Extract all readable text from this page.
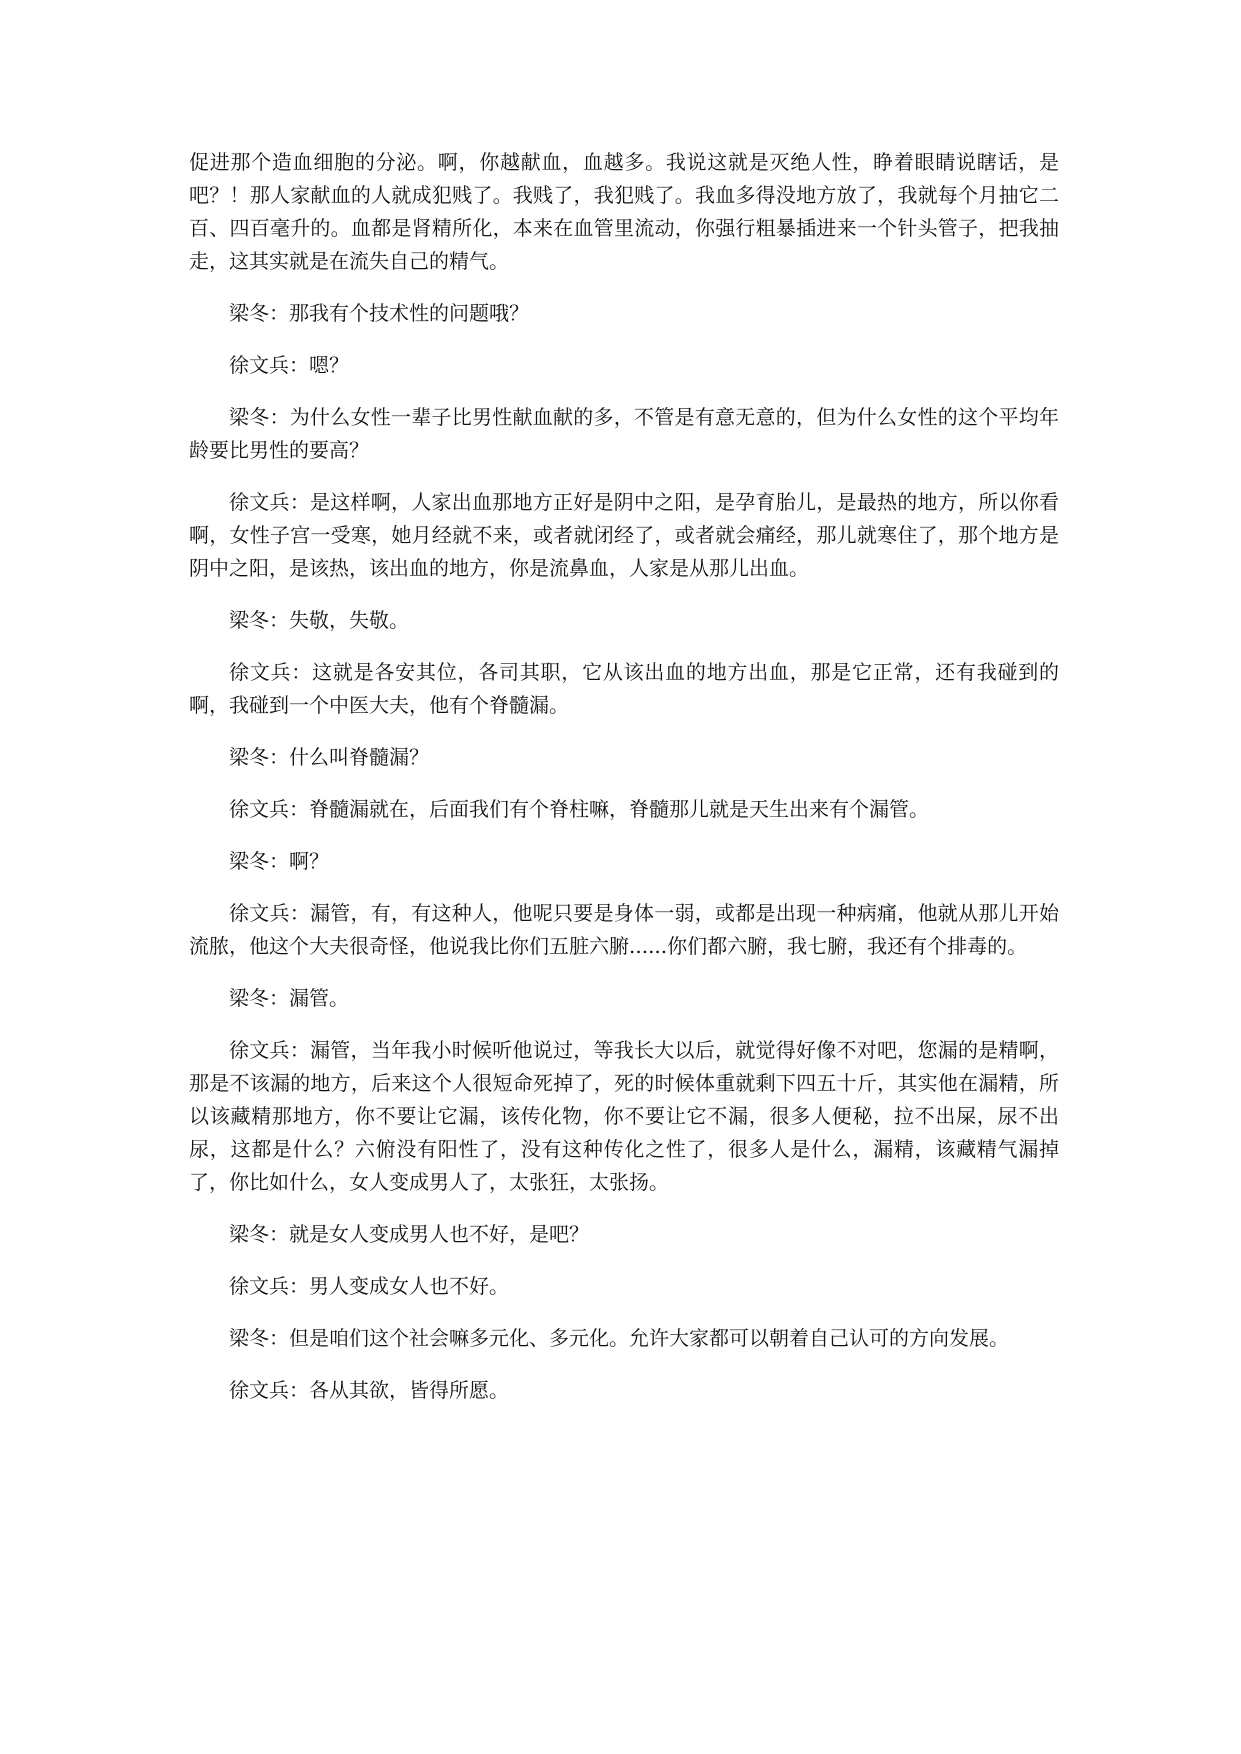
促进那个造血细胞的分泌。啊，你越献血，血越多。我说这就是灭绝人性，睁着眼睛说瞎话，是吧？！那人家献血的人就成犯贱了。我贱了，我犯贱了。我血多得没地方放了，我就每个月抽它二百、四百毫升的。血都是肾精所化，本来在血管里流动，你强行粗暴插进来一个针头管子，把我抽走，这其实就是在流失自己的精气。

梁冬：那我有个技术性的问题哦？

徐文兵：嗯？

梁冬：为什么女性一辈子比男性献血献的多，不管是有意无意的，但为什么女性的这个平均年龄要比男性的要高？

徐文兵：是这样啊，人家出血那地方正好是阴中之阳，是孕育胎儿，是最热的地方，所以你看啊，女性子宫一受寒，她月经就不来，或者就闭经了，或者就会痛经，那儿就寒住了，那个地方是阴中之阳，是该热，该出血的地方，你是流鼻血，人家是从那儿出血。

梁冬：失敬，失敬。

徐文兵：这就是各安其位，各司其职，它从该出血的地方出血，那是它正常，还有我碰到的啊，我碰到一个中医大夫，他有个脊髓漏。

梁冬：什么叫脊髓漏？

徐文兵：脊髓漏就在，后面我们有个脊柱嘛，脊髓那儿就是天生出来有个漏管。

梁冬：啊？

徐文兵：漏管，有，有这种人，他呢只要是身体一弱，或都是出现一种病痛，他就从那儿开始流脓，他这个大夫很奇怪，他说我比你们五脏六腑......你们都六腑，我七腑，我还有个排毒的。

梁冬：漏管。

徐文兵：漏管，当年我小时候听他说过，等我长大以后，就觉得好像不对吧，您漏的是精啊，那是不该漏的地方，后来这个人很短命死掉了，死的时候体重就剩下四五十斤，其实他在漏精，所以该藏精那地方，你不要让它漏，该传化物，你不要让它不漏，很多人便秘，拉不出屎，尿不出尿，这都是什么？六俯没有阳性了，没有这种传化之性了，很多人是什么，漏精，该藏精气漏掉了，你比如什么，女人变成男人了，太张狂，太张扬。

梁冬：就是女人变成男人也不好，是吧？

徐文兵：男人变成女人也不好。

梁冬：但是咱们这个社会嘛多元化、多元化。允许大家都可以朝着自己认可的方向发展。

徐文兵：各从其欲，皆得所愿。
